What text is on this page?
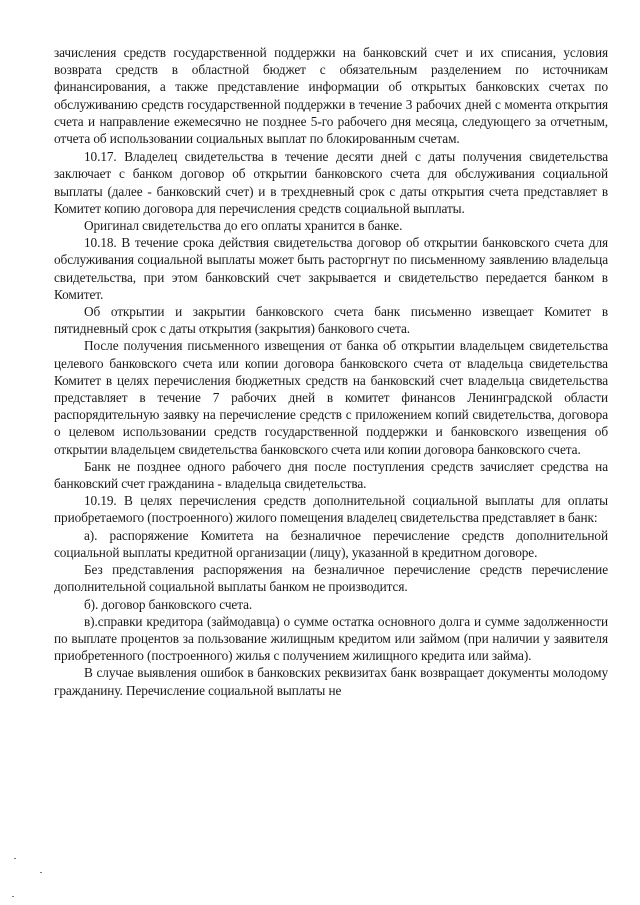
зачисления средств государственной поддержки на банковский счет и их списания, условия возврата средств в областной бюджет с обязательным разделением по источникам финансирования, а также представление информации об открытых банковских счетах по обслуживанию средств государственной поддержки в течение 3 рабочих дней с момента открытия счета и направление ежемесячно не позднее 5-го рабочего дня месяца, следующего за отчетным, отчета об использовании социальных выплат по блокированным счетам.

10.17. Владелец свидетельства в течение десяти дней с даты получения свидетельства заключает с банком договор об открытии банковского счета для обслуживания социальной выплаты (далее - банковский счет) и в трехдневный срок с даты открытия счета представляет в Комитет копию договора для перечисления средств социальной выплаты.

Оригинал свидетельства до его оплаты хранится в банке.

10.18. В течение срока действия свидетельства договор об открытии банковского счета для обслуживания социальной выплаты может быть расторгнут по письменному заявлению владельца свидетельства, при этом банковский счет закрывается и свидетельство передается банком в Комитет.

Об открытии и закрытии банковского счета банк письменно извещает Комитет в пятидневный срок с даты открытия (закрытия) банкового счета.

После получения письменного извещения от банка об открытии владельцем свидетельства целевого банковского счета или копии договора банковского счета от владельца свидетельства Комитет в целях перечисления бюджетных средств на банковский счет владельца свидетельства представляет в течение 7 рабочих дней в комитет финансов Ленинградской области распорядительную заявку на перечисление средств с приложением копий свидетельства, договора о целевом использовании средств государственной поддержки и банковского извещения об открытии владельцем свидетельства банковского счета или копии договора банковского счета.

Банк не позднее одного рабочего дня после поступления средств зачисляет средства на банковский счет гражданина - владельца свидетельства.

10.19. В целях перечисления средств дополнительной социальной выплаты для оплаты приобретаемого (построенного) жилого помещения владелец свидетельства представляет в банк:

а). распоряжение Комитета на безналичное перечисление средств дополнительной социальной выплаты кредитной организации (лицу), указанной в кредитном договоре.

Без представления распоряжения на безналичное перечисление средств перечисление дополнительной социальной выплаты банком не производится.

б). договор банковского счета.

в).справки кредитора (займодавца) о сумме остатка основного долга и сумме задолженности по выплате процентов за пользование жилищным кредитом или займом (при наличии у заявителя приобретенного (построенного) жилья с получением жилищного кредита или займа).

В случае выявления ошибок в банковских реквизитах банк возвращает документы молодому гражданину. Перечисление социальной выплаты не
